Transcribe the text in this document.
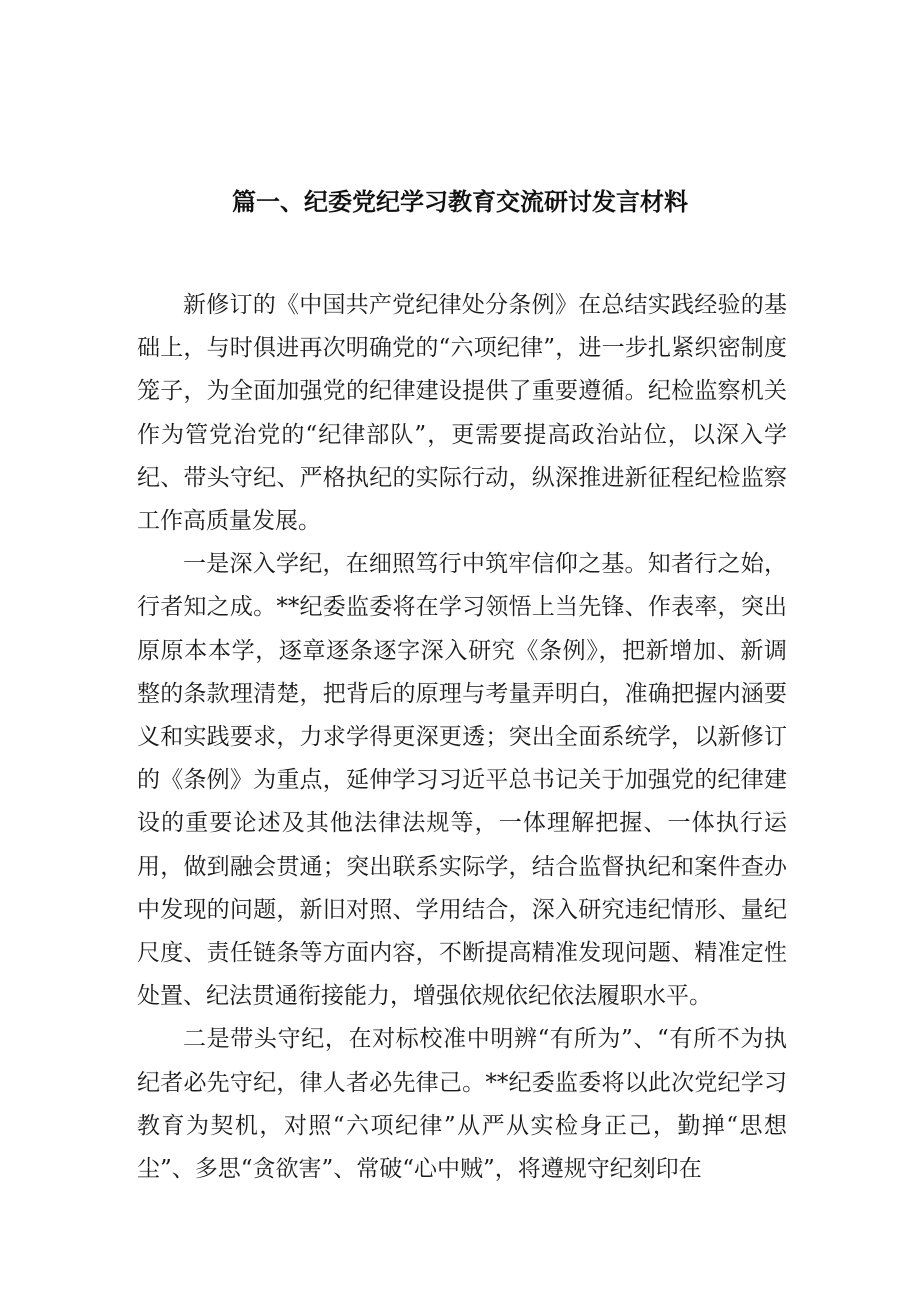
篇一、纪委党纪学习教育交流研讨发言材料

新修订的《中国共产党纪律处分条例》在总结实践经验的基础上，与时俱进再次明确党的“六项纪律”，进一步扎紧织密制度笼子，为全面加强党的纪律建设提供了重要遵循。纪检监察机关作为管党治党的“纪律部队”，更需要提高政治站位，以深入学纪、带头守纪、严格执纪的实际行动，纵深推进新征程纪检监察工作高质量发展。

一是深入学纪，在细照笃行中筑牢信仰之基。知者行之始，行者知之成。**纪委监委将在学习领悟上当先锋、作表率，突出原原本本学，逐章逐条逐字深入研究《条例》，把新增加、新调整的条款理清楚，把背后的原理与考量弄明白，准确把握内涵要义和实践要求，力求学得更深更透；突出全面系统学，以新修订的《条例》为重点，延伸学习习近平总书记关于加强党的纪律建设的重要论述及其他法律法规等，一体理解把握、一体执行运用，做到融会贯通；突出联系实际学，结合监督执纪和案件查办中发现的问题，新旧对照、学用结合，深入研究违纪情形、量纪尺度、责任链条等方面内容，不断提高精准发现问题、精准定性处置、纪法贯通衔接能力，增强依规依纪依法履职水平。

二是带头守纪，在对标校准中明辨“有所为”、“有所不为执纪者必先守纪，律人者必先律己。**纪委监委将以此次党纪学习教育为契机，对照“六项纪律”从严从实检身正己，勤掸“思想尘”、多思“贪欲害”、常破“心中贼”，将遵规守纪刻印在
